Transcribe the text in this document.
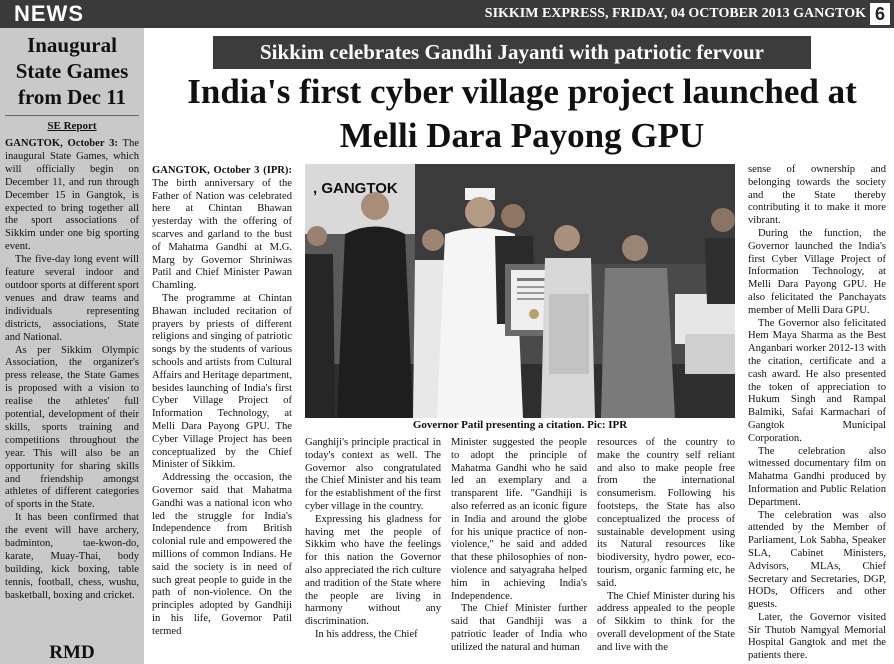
NEWS	SIKKIM EXPRESS, FRIDAY, 04 OCTOBER 2013 GANGTOK 6
Inaugural State Games from Dec 11
SE Report

GANGTOK, October 3: The inaugural State Games, which will officially begin on December 11, and run through December 15 in Gangtok, is expected to bring together all the sport associations of Sikkim under one big sporting event.

The five-day long event will feature several indoor and outdoor sports at different sport venues and draw teams and individuals representing districts, associations, State and National.

As per Sikkim Olympic Association, the organizer's press release, the State Games is proposed with a vision to realise the athletes' full potential, development of their skills, sports training and competitions throughout the year. This will also be an opportunity for sharing skills and friendship amongst athletes of different categories of sports in the State.

It has been confirmed that the event will have archery, badminton, tae-kwon-do, karate, Muay-Thai, body building, kick boxing, table tennis, football, chess, wushu, basketball, boxing and cricket.

RMD
Sikkim celebrates Gandhi Jayanti with patriotic fervour
India's first cyber village project launched at Melli Dara Payong GPU

GANGTOK, October 3 (IPR): The birth anniversary of the Father of Nation was celebrated here at Chintan Bhawan yesterday with the offering of scarves and garland to the bust of Mahatma Gandhi at M.G. Marg by Governor Shriniwas Patil and Chief Minister Pawan Chamling.

The programme at Chintan Bhawan included recitation of prayers by priests of different religions and singing of patriotic songs by the students of various schools and artists from Cultural Affairs and Heritage department, besides launching of India's first Cyber Village Project of Information Technology, at Melli Dara Payong GPU. The Cyber Village Project has been conceptualized by the Chief Minister of Sikkim.

Addressing the occasion, the Governor said that Mahatma Gandhi was a national icon who led the struggle for India's Independence from British colonial rule and empowered the millions of common Indians. He said the society is in need of such great people to guide in the path of non-violence. On the principles adopted by Gandhiji in his life, Governor Patil termed

, GANGTOK
Governor Patil presenting a citation. Pic: IPR

Ganghiji's principle practical in today's context as well. The Governor also congratulated the Chief Minister and his team for the establishment of the first cyber village in the country.

Expressing his gladness for having met the people of Sikkim who have the feelings for this nation the Governor also appreciated the rich culture and tradition of the State where the people are living in harmony without any discrimination.

In his address, the Chief

Minister suggested the people to adopt the principle of Mahatma Gandhi who he said led an exemplary and a transparent life. "Gandhiji is also referred as an iconic figure in India and around the globe for his unique practice of non-violence," he said and added that these philosophies of non-violence and satyagraha helped him in achieving India's Independence.

The Chief Minister further said that Gandhiji was a patriotic leader of India who utilized the natural and human

resources of the country to make the country self reliant and also to make people free from the international consumerism. Following his footsteps, the State has also conceptualized the process of sustainable development using its Natural resources like biodiversity, hydro power, eco-tourism, organic farming etc, he said.

The Chief Minister during his address appealed to the people of Sikkim to think for the overall development of the State and live with the

sense of ownership and belonging towards the society and the State thereby contributing it to make it more vibrant.

During the function, the Governor launched the India's first Cyber Village Project of Information Technology, at Melli Dara Payong GPU. He also felicitated the Panchayats member of Melli Dara GPU.

The Governor also felicitated Hem Maya Sharma as the Best Anganbari worker 2012-13 with the citation, certificate and a cash award. He also presented the token of appreciation to Hukum Singh and Rampal Balmiki, Safai Karmachari of Gangtok Municipal Corporation.

The celebration also witnessed documentary film on Mahatma Gandhi produced by Information and Public Relation Department.

The celebration was also attended by the Member of Parliament, Lok Sabha, Speaker SLA, Cabinet Ministers, Advisors, MLAs, Chief Secretary and Secretaries, DGP, HODs, Officers and other guests.

Later, the Governor visited Sir Thutob Namgyal Memorial Hospital Gangtok and met the patients there.
